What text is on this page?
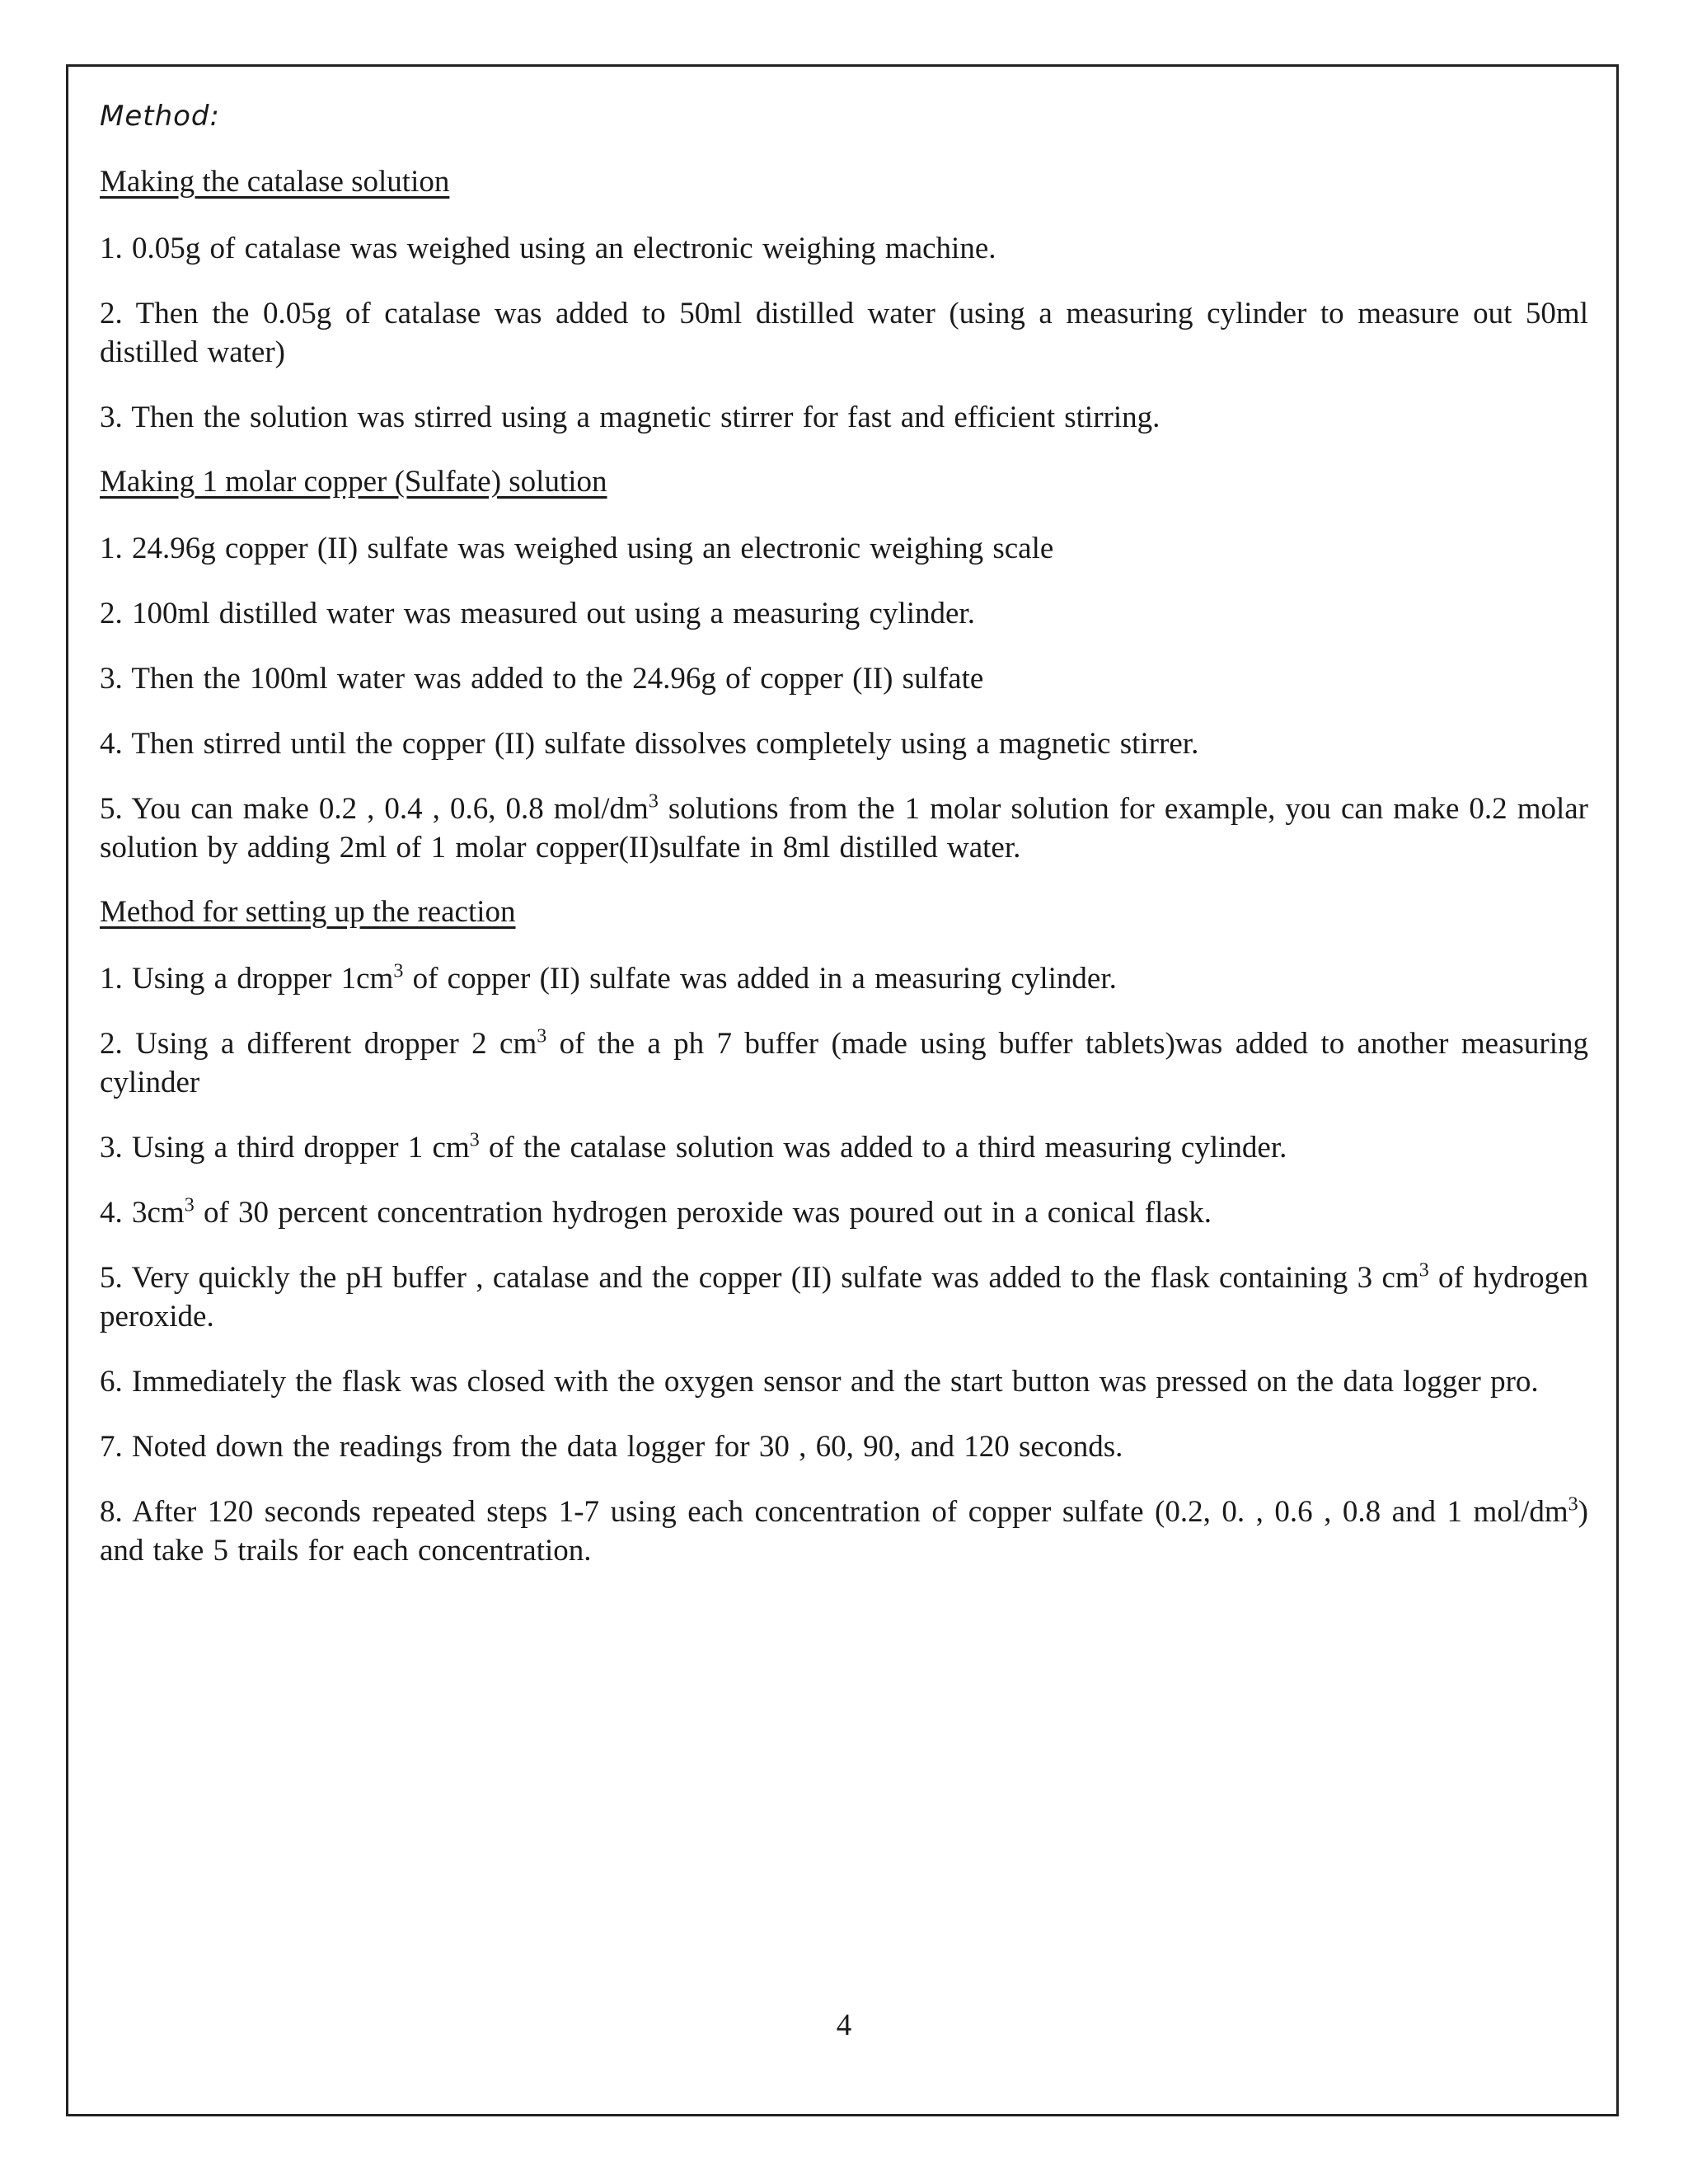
Method:
Making the catalase solution

1. 0.05g of catalase was weighed using an electronic weighing machine.

2. Then the 0.05g of catalase was added to 50ml distilled water (using a measuring cylinder to measure out 50ml distilled water)

3. Then the solution was stirred using a magnetic stirrer for fast and efficient stirring.

Making 1 molar copper (Sulfate) solution

1. 24.96g copper (II) sulfate was weighed using an electronic weighing scale

2. 100ml distilled water was measured out using a measuring cylinder.

3. Then the 100ml water was added to the 24.96g of copper (II) sulfate

4. Then stirred until the copper (II) sulfate dissolves completely using a magnetic stirrer.

5. You can make 0.2 , 0.4 , 0.6, 0.8 mol/$dm^3$ solutions from the 1 molar solution for example, you can make 0.2 molar solution by adding 2ml of 1 molar copper(II)sulfate in 8ml distilled water.

Method for setting up the reaction

1. Using a dropper $1cm^3$ of copper (II) sulfate was added in a measuring cylinder.

2. Using a different dropper 2 $cm^3$ of the a ph 7 buffer (made using buffer tablets)was added to another measuring cylinder

3. Using a third dropper 1 $cm^3$ of the catalase solution was added to a third measuring cylinder.

4. $3cm^3$ of 30 percent concentration hydrogen peroxide was poured out in a conical flask.

5. Very quickly the pH buffer , catalase and the copper (II) sulfate was added to the flask containing 3 $cm^3$ of hydrogen peroxide.

6. Immediately the flask was closed with the oxygen sensor and the start button was pressed on the data logger pro.

7. Noted down the readings from the data logger for 30 , 60, 90, and 120 seconds.

8. After 120 seconds repeated steps 1-7 using each concentration of copper sulfate (0.2, 0. , 0.6 , 0.8 and 1 mol/$dm^3$) and take 5 trails for each concentration.

4
